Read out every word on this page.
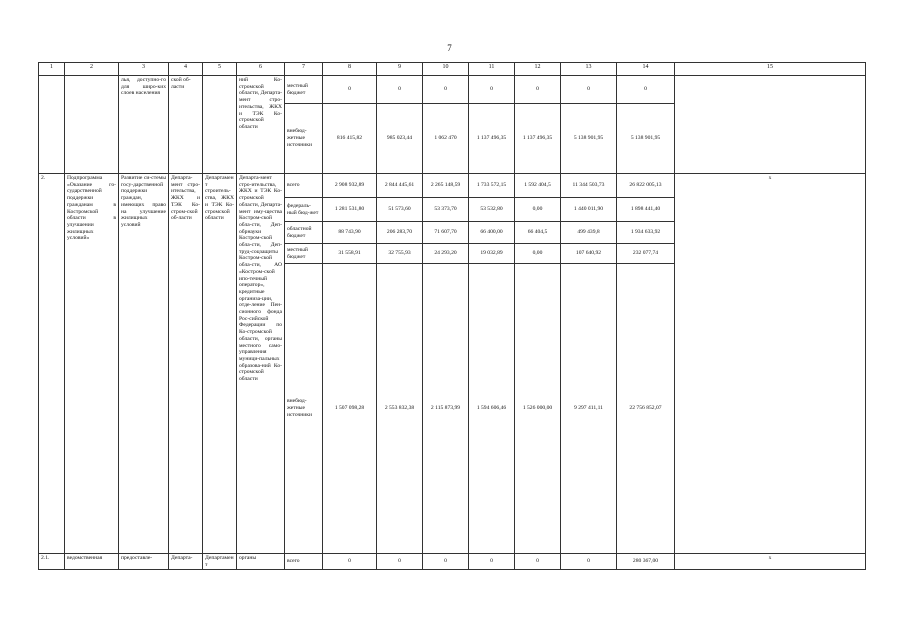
7
1	2	3	4	5	6	7	8	9	10	11	12	13	14	15
		лья, доступно-го для широ-ких слоев населения	ской об-ласти		ний Ко-стромской области, Департа-мент стро-ительства, ЖКХ и ТЭК Ко-стромской области	местный бюджет	0	0	0	0	0	0	0	
						внебюд-жетные источники	816 415,82	985 023,44	1 062 470	1 137 496,35	1 137 496,35	5 138 901,95	5 138 901,95	
2.	Подпрограмма «Оказание го-сударственной поддержки гражданам в Костромской области в улучшении жилищных условий»	Развитие си-стемы госу-дарственной поддержки граждан, имеющих право на улучшение жилищных условий	Департа-мент стро-ительства, ЖКХ и ТЭК Ко-стром-ской об-ласти	Департамент строитель-ства, ЖКХ и ТЭК Ко-стромской области	Департа-мент стро-ительства, ЖКХ и ТЭК Ко-стромской области, Департа-мент иму-щества Костром-ской обла-сти, Деп-обрнауки Костром-ской обла-сти, Деп-труд-соцзащиты Костром-ской обла-сти, АО «Костром-ской ипо-течный оператор», кредитные организа-ции, отде-ление Пен-сионного фонда Рос-сийской Федерации по Ко-стромской области, органы местного само-управления муници-пальных образова-ний Ко-стромской области	всего	2 908 932,89	2 844 445,61	2 265 148,59	1 733 572,15	1 592 404,5	11 344 503,73	26 822 005,13	x
						федераль-ный бюд-жет	1 281 531,80	51 573,60	53 373,70	53 532,80	0,00	1 440 011,90	1 898 441,40	
						областной бюджет	88 743,90	206 283,70	71 607,70	66 400,00	66 404,5	499 439,8	1 934 633,92	
						местный бюджет	31 558,91	32 755,93	24 293,20	19 032,89	0,00	107 640,92	232 077,74	
						внебюд-жетные источники	1 507 098,28	2 553 832,38	2 115 873,99	1 594 606,46	1 526 000,00	9 297 411,11	22 756 852,07	
2.1.	ведомственная	предоставле-	Департа-	Департамент	органы	всего	0	0	0	0	0	0	280 367,00	x
